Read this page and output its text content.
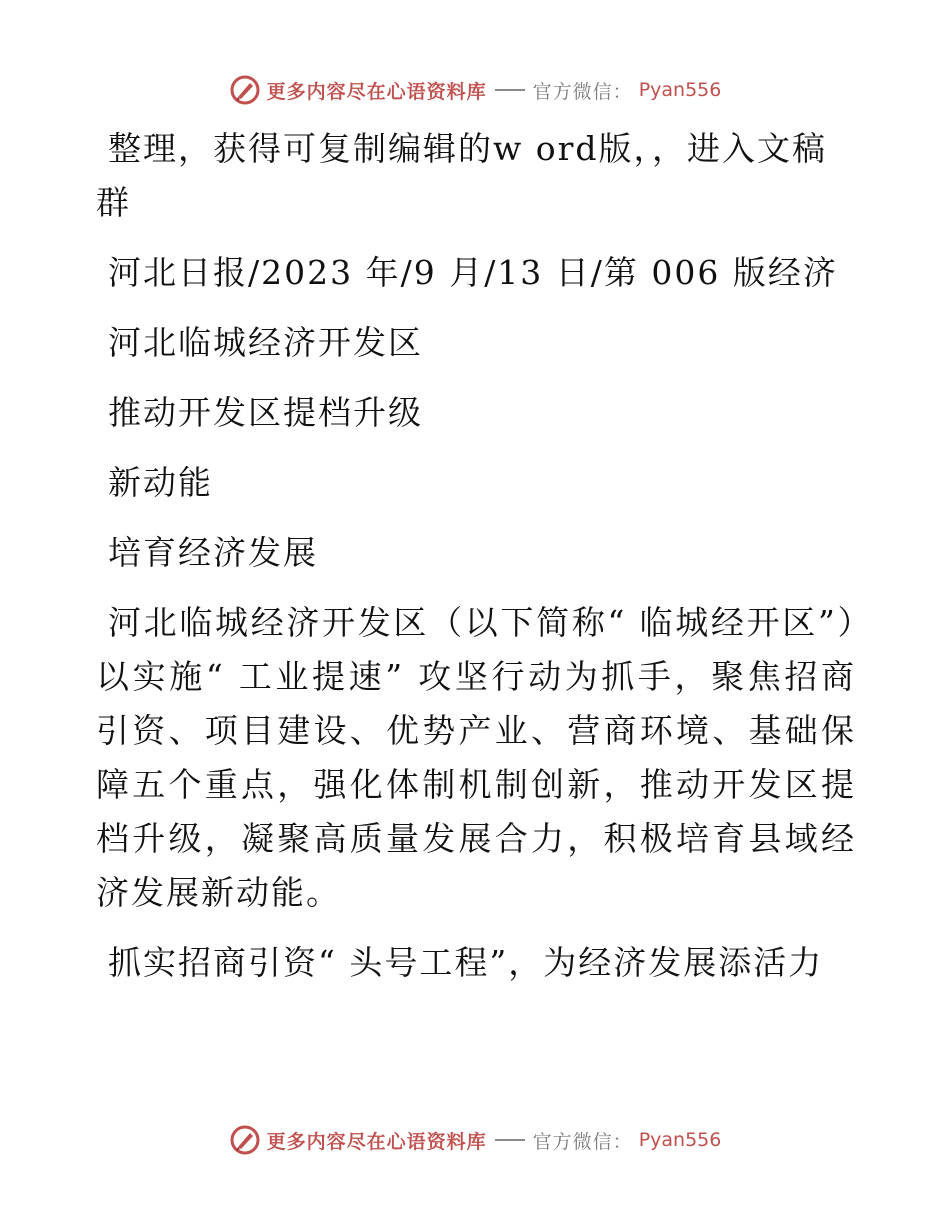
更多内容尽在心语资料库 官方微信： Pyan556

整理，获得可复制编辑的w ord版，，进入文稿群

河北日报/2023 年/9 月/13 日/第 006 版经济

河北临城经济开发区

推动开发区提档升级

新动能

培育经济发展

河北临城经济开发区（以下简称“ 临城经开区”）以实施“ 工业提速” 攻坚行动为抓手，聚焦招商引资、项目建设、优势产业、营商环境、基础保障五个重点，强化体制机制创新，推动开发区提档升级，凝聚高质量发展合力，积极培育县域经济发展新动能。

抓实招商引资“ 头号工程”，为经济发展添活力

更多内容尽在心语资料库 官方微信： Pyan556
